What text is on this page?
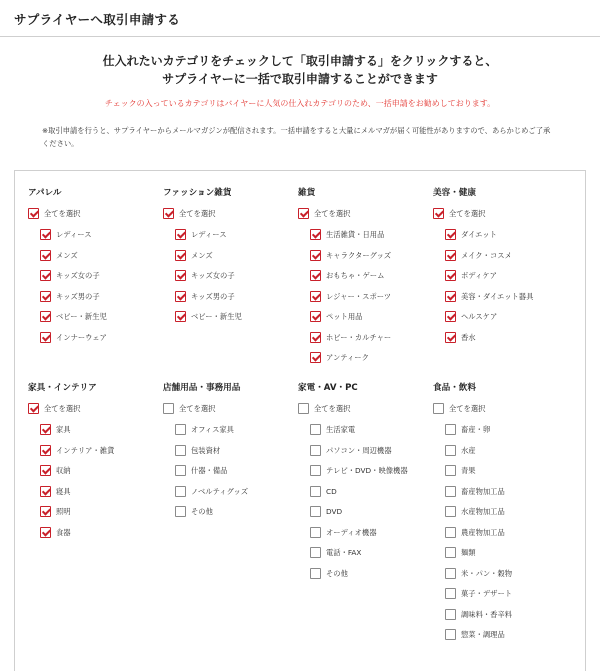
サプライヤーへ取引申請する
仕入れたいカテゴリをチェックして「取引申請する」をクリックすると、
サプライヤーに一括で取引申請することができます
チェックの入っているカテゴリはバイヤーに人気の仕入れカテゴリのため、一括申請をお勧めしております。
※取引申請を行うと、サプライヤーからメールマガジンが配信されます。一括申請をすると大量にメルマガが届く可能性がありますので、あらかじめご了承ください。
アパレル
全てを選択
レディース
メンズ
キッズ女の子
キッズ男の子
ベビー・新生児
インナーウェア
ファッション雑貨
全てを選択
レディース
メンズ
キッズ女の子
キッズ男の子
ベビー・新生児
雑貨
全てを選択
生活雑貨・日用品
キャラクターグッズ
おもちゃ・ゲーム
レジャー・スポーツ
ペット用品
ホビー・カルチャー
アンティーク
美容・健康
全てを選択
ダイエット
メイク・コスメ
ボディケア
美容・ダイエット器具
ヘルスケア
香水
家具・インテリア
全てを選択
家具
インテリア・雑貨
収納
寝具
照明
食器
店舗用品・事務用品
全てを選択
オフィス家具
包装資材
什器・備品
ノベルティグッズ
その他
家電・AV・PC
全てを選択
生活家電
パソコン・周辺機器
テレビ・DVD・映像機器
CD
DVD
オーディオ機器
電話・FAX
その他
食品・飲料
全てを選択
畜産・卵
水産
青果
畜産物加工品
水産物加工品
農産物加工品
麺類
米・パン・穀物
菓子・デザート
調味料・香辛料
惣菜・調理品
